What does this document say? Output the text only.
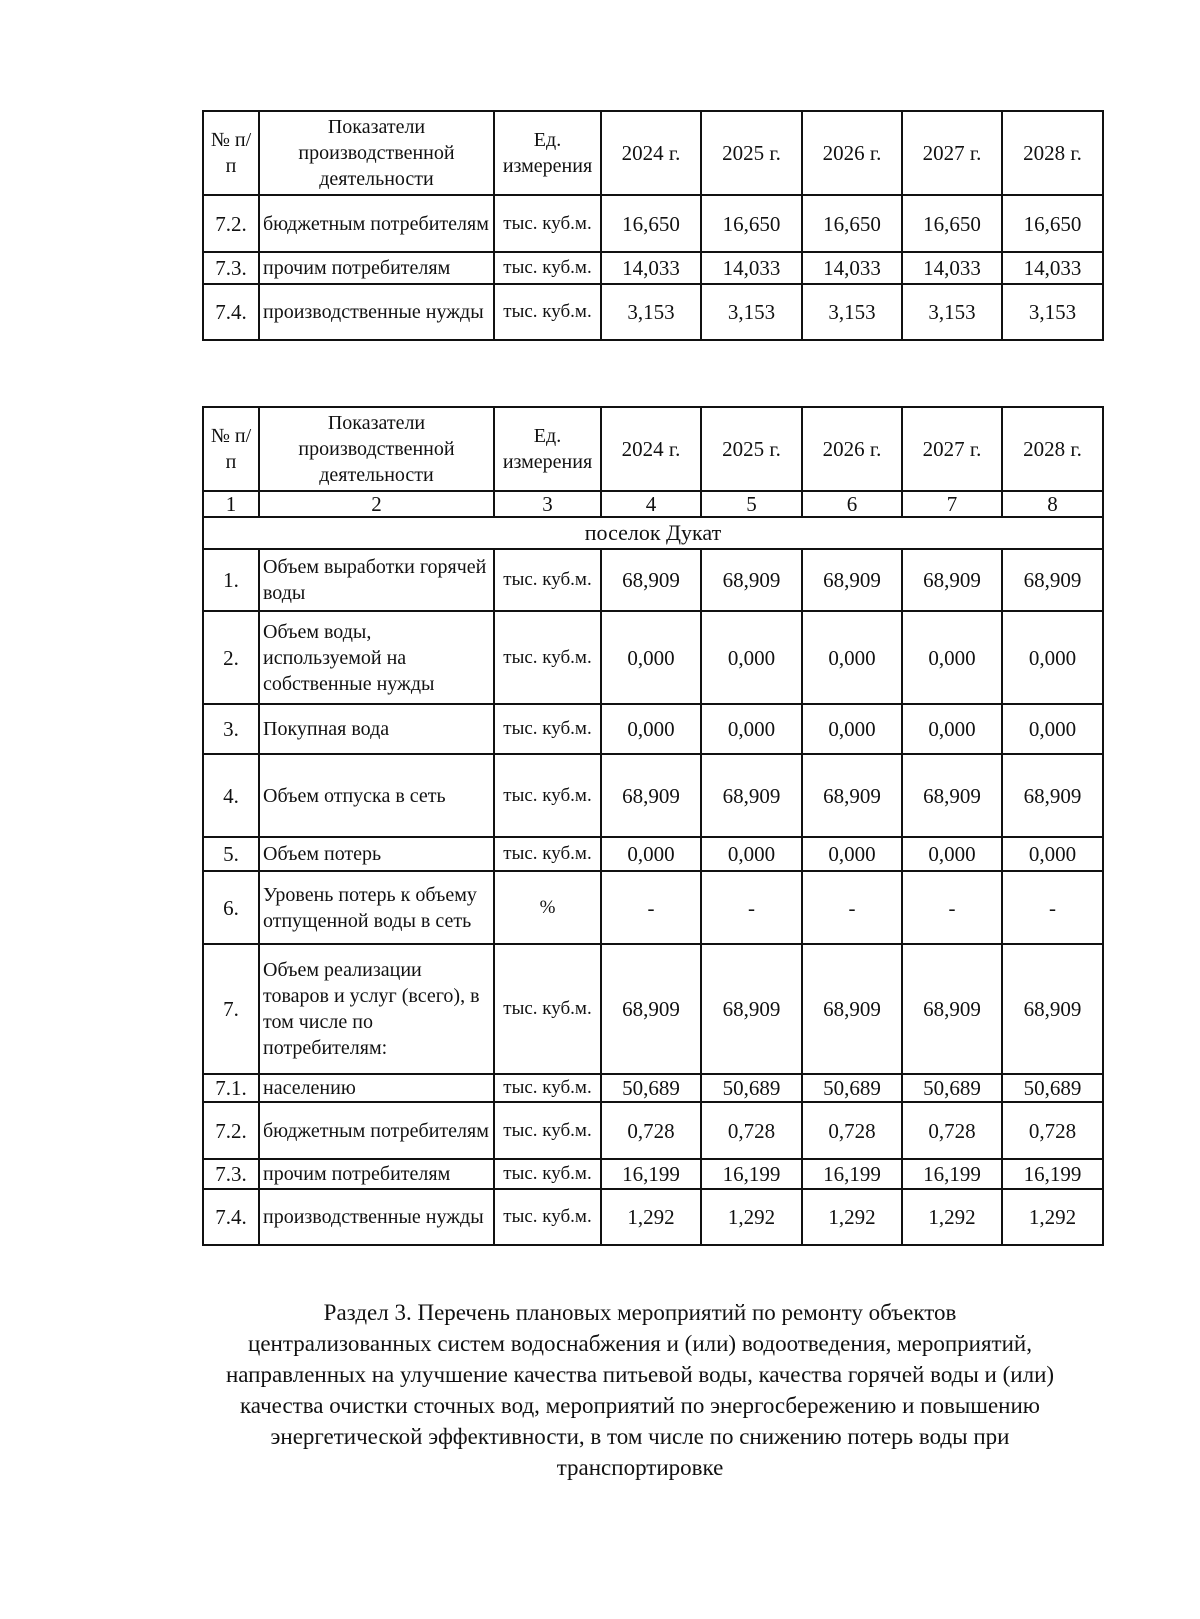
№ п/п	Показатели производственной деятельности	Ед. измерения	2024 г.	2025 г.	2026 г.	2027 г.	2028 г.
7.2.	бюджетным потребителям	тыс. куб.м.	16,650	16,650	16,650	16,650	16,650
7.3.	прочим потребителям	тыс. куб.м.	14,033	14,033	14,033	14,033	14,033
7.4.	производственные нужды	тыс. куб.м.	3,153	3,153	3,153	3,153	3,153
№ п/п	Показатели производственной деятельности	Ед. измерения	2024 г.	2025 г.	2026 г.	2027 г.	2028 г.
1	2	3	4	5	6	7	8
поселок Дукат							
1.	Объем выработки горячей воды	тыс. куб.м.	68,909	68,909	68,909	68,909	68,909
2.	Объем воды, используемой на собственные нужды	тыс. куб.м.	0,000	0,000	0,000	0,000	0,000
3.	Покупная вода	тыс. куб.м.	0,000	0,000	0,000	0,000	0,000
4.	Объем отпуска в сеть	тыс. куб.м.	68,909	68,909	68,909	68,909	68,909
5.	Объем потерь	тыс. куб.м.	0,000	0,000	0,000	0,000	0,000
6.	Уровень потерь к объему отпущенной воды в сеть	%	-	-	-	-	-
7.	Объем реализации товаров и услуг (всего), в том числе по потребителям:	тыс. куб.м.	68,909	68,909	68,909	68,909	68,909
7.1.	населению	тыс. куб.м.	50,689	50,689	50,689	50,689	50,689
7.2.	бюджетным потребителям	тыс. куб.м.	0,728	0,728	0,728	0,728	0,728
7.3.	прочим потребителям	тыс. куб.м.	16,199	16,199	16,199	16,199	16,199
7.4.	производственные нужды	тыс. куб.м.	1,292	1,292	1,292	1,292	1,292

Раздел 3. Перечень плановых мероприятий по ремонту объектов

централизованных систем водоснабжения и (или) водоотведения, мероприятий,

направленных на улучшение качества питьевой воды, качества горячей воды и (или)

качества очистки сточных вод, мероприятий по энергосбережению и повышению

энергетической эффективности, в том числе по снижению потерь воды при

транспортировке
